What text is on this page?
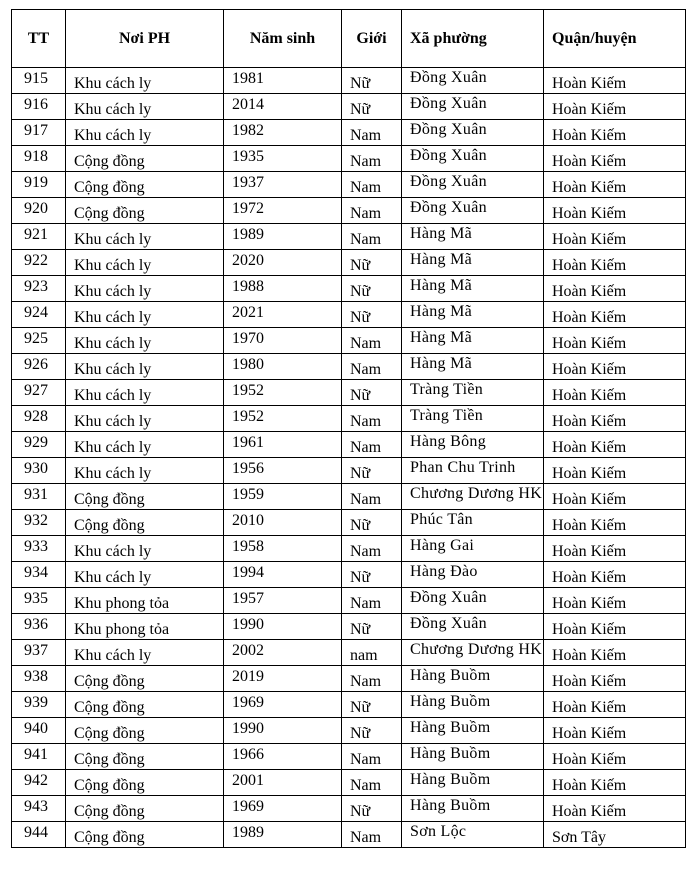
TT	Nơi PH	Năm sinh	Giới	Xã phường	Quận/huyện
915	Khu cách ly	1981	Nữ	Đồng Xuân	Hoàn Kiếm
916	Khu cách ly	2014	Nữ	Đồng Xuân	Hoàn Kiếm
917	Khu cách ly	1982	Nam	Đồng Xuân	Hoàn Kiếm
918	Cộng đồng	1935	Nam	Đồng Xuân	Hoàn Kiếm
919	Cộng đồng	1937	Nam	Đồng Xuân	Hoàn Kiếm
920	Cộng đồng	1972	Nam	Đồng Xuân	Hoàn Kiếm
921	Khu cách ly	1989	Nam	Hàng Mã	Hoàn Kiếm
922	Khu cách ly	2020	Nữ	Hàng Mã	Hoàn Kiếm
923	Khu cách ly	1988	Nữ	Hàng Mã	Hoàn Kiếm
924	Khu cách ly	2021	Nữ	Hàng Mã	Hoàn Kiếm
925	Khu cách ly	1970	Nam	Hàng Mã	Hoàn Kiếm
926	Khu cách ly	1980	Nam	Hàng Mã	Hoàn Kiếm
927	Khu cách ly	1952	Nữ	Tràng Tiền	Hoàn Kiếm
928	Khu cách ly	1952	Nam	Tràng Tiền	Hoàn Kiếm
929	Khu cách ly	1961	Nam	Hàng Bông	Hoàn Kiếm
930	Khu cách ly	1956	Nữ	Phan Chu Trinh	Hoàn Kiếm
931	Cộng đồng	1959	Nam	Chương Dương HK	Hoàn Kiếm
932	Cộng đồng	2010	Nữ	Phúc Tân	Hoàn Kiếm
933	Khu cách ly	1958	Nam	Hàng Gai	Hoàn Kiếm
934	Khu cách ly	1994	Nữ	Hàng Đào	Hoàn Kiếm
935	Khu phong tỏa	1957	Nam	Đồng Xuân	Hoàn Kiếm
936	Khu phong tỏa	1990	Nữ	Đồng Xuân	Hoàn Kiếm
937	Khu cách ly	2002	nam	Chương Dương HK	Hoàn Kiếm
938	Cộng đồng	2019	Nam	Hàng Buồm	Hoàn Kiếm
939	Cộng đồng	1969	Nữ	Hàng Buồm	Hoàn Kiếm
940	Cộng đồng	1990	Nữ	Hàng Buồm	Hoàn Kiếm
941	Cộng đồng	1966	Nam	Hàng Buồm	Hoàn Kiếm
942	Cộng đồng	2001	Nam	Hàng Buồm	Hoàn Kiếm
943	Cộng đồng	1969	Nữ	Hàng Buồm	Hoàn Kiếm
944	Cộng đồng	1989	Nam	Sơn Lộc	Sơn Tây
